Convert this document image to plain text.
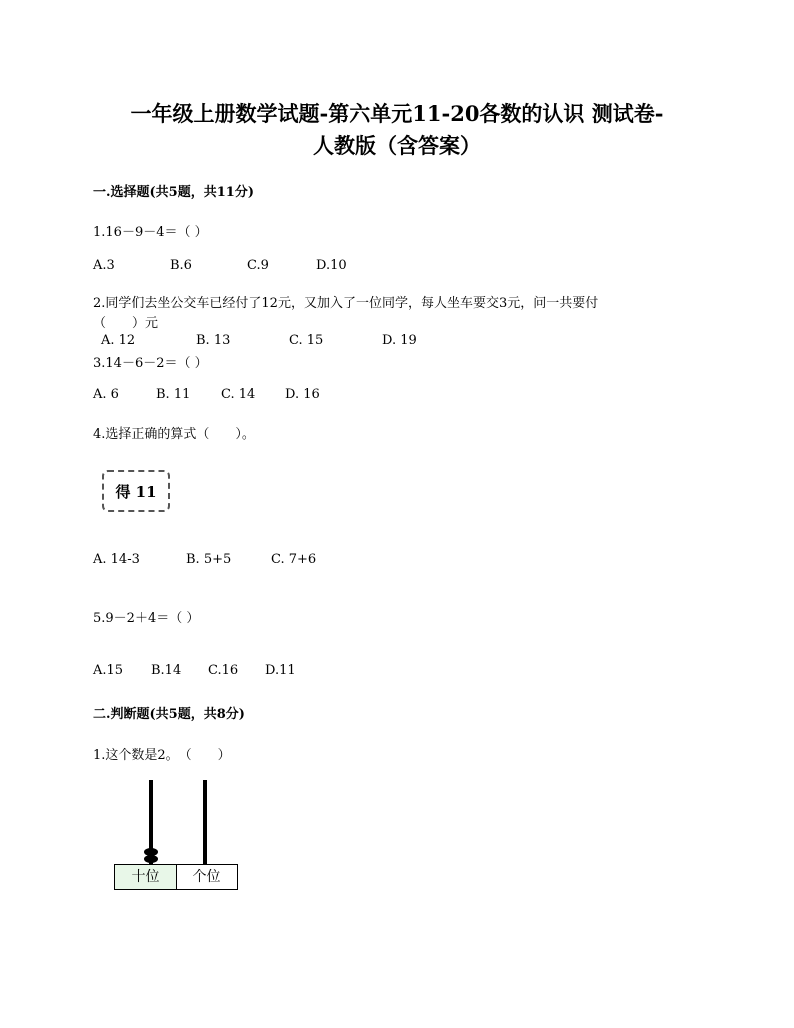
一年级上册数学试题-第六单元11-20各数的认识 测试卷-
人教版（含答案）
一.选择题(共5题，共11分)
1.16－9－4＝（ ）
A.3	B.6	C.9	D.10
2.同学们去坐公交车已经付了12元，又加入了一位同学，每人坐车要交3元，问一共要付
（　　）元
A. 12	B. 13	C. 15	D. 19
3.14－6－2＝（ ）
A. 6	B. 11 C. 14 D. 16
4.选择正确的算式（　　）。
得 11
A. 14-3	B. 5+5	C. 7+6
5.9－2＋4＝（ ）
A.15 B.14 C.16 D.11
二.判断题(共5题，共8分)
1.这个数是2。　（　　）
十位	个位
